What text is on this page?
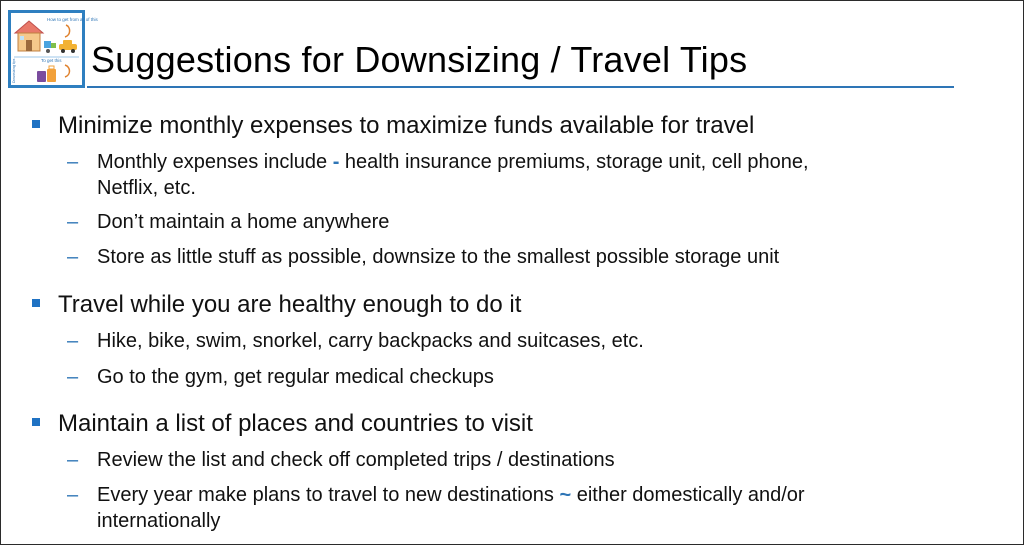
How to get from all of this
To get this
Downsizing tips Suggestions for Downsizing / Travel Tips
Minimize monthly expenses to maximize funds available for travel
– Monthly expenses include - health insurance premiums, storage unit, cell phone,
Netflix, etc.
– Don’t maintain a home anywhere
– Store as little stuff as possible, downsize to the smallest possible storage unit
Travel while you are healthy enough to do it
– Hike, bike, swim, snorkel, carry backpacks and suitcases, etc.
– Go to the gym, get regular medical checkups
Maintain a list of places and countries to visit
– Review the list and check off completed trips / destinations
– Every year make plans to travel to new destinations ~ either domestically and/or
internationally
